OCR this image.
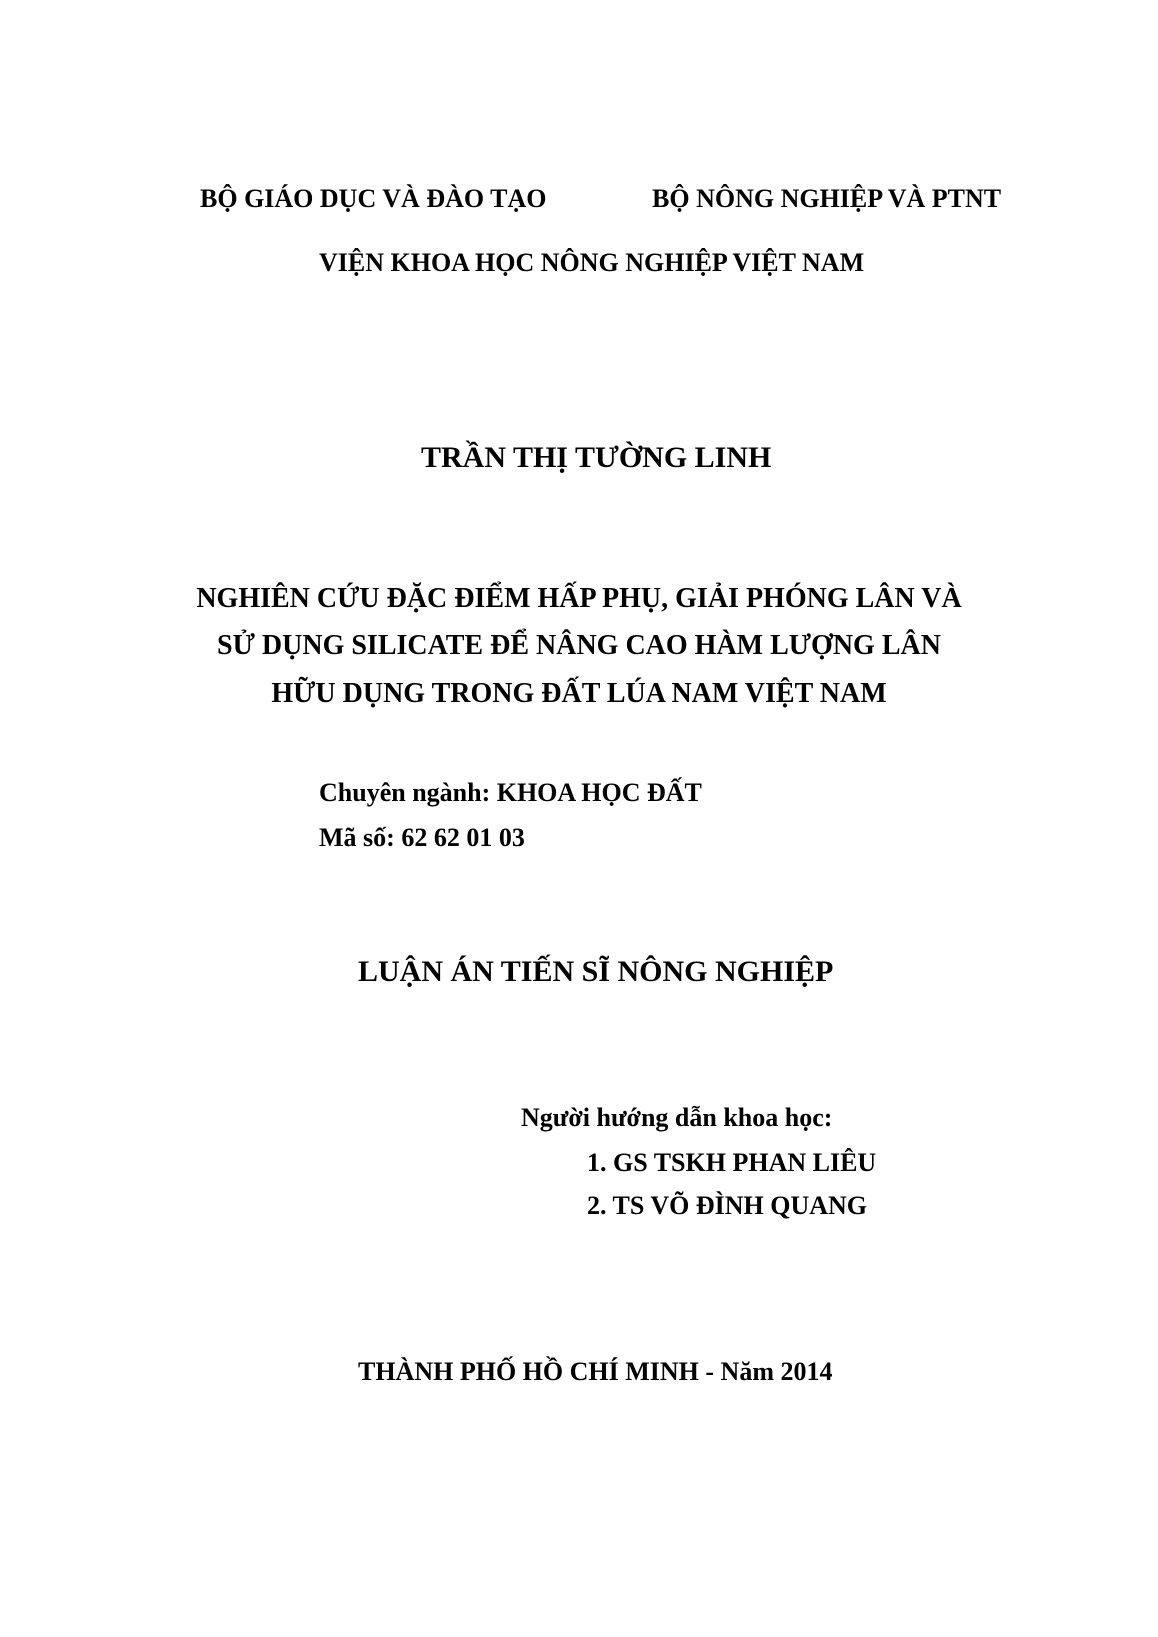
BỘ GIÁO DỤC VÀ ĐÀO TẠO	BỘ NÔNG NGHIỆP VÀ PTNT

VIỆN KHOA HỌC NÔNG NGHIỆP VIỆT NAM

TRẦN THỊ TƯỜNG LINH

NGHIÊN CỨU ĐẶC ĐIỂM HẤP PHỤ, GIẢI PHÓNG LÂN VÀ

SỬ DỤNG SILICATE ĐỂ NÂNG CAO HÀM LƯỢNG LÂN

HỮU DỤNG TRONG ĐẤT LÚA NAM VIỆT NAM

Chuyên ngành: KHOA HỌC ĐẤT

Mã số: 62 62 01 03

LUẬN ÁN TIẾN SĨ NÔNG NGHIỆP

Người hướng dẫn khoa học:

1. GS TSKH PHAN LIÊU

2. TS VÕ ĐÌNH QUANG

THÀNH PHỐ HỒ CHÍ MINH - Năm 2014
